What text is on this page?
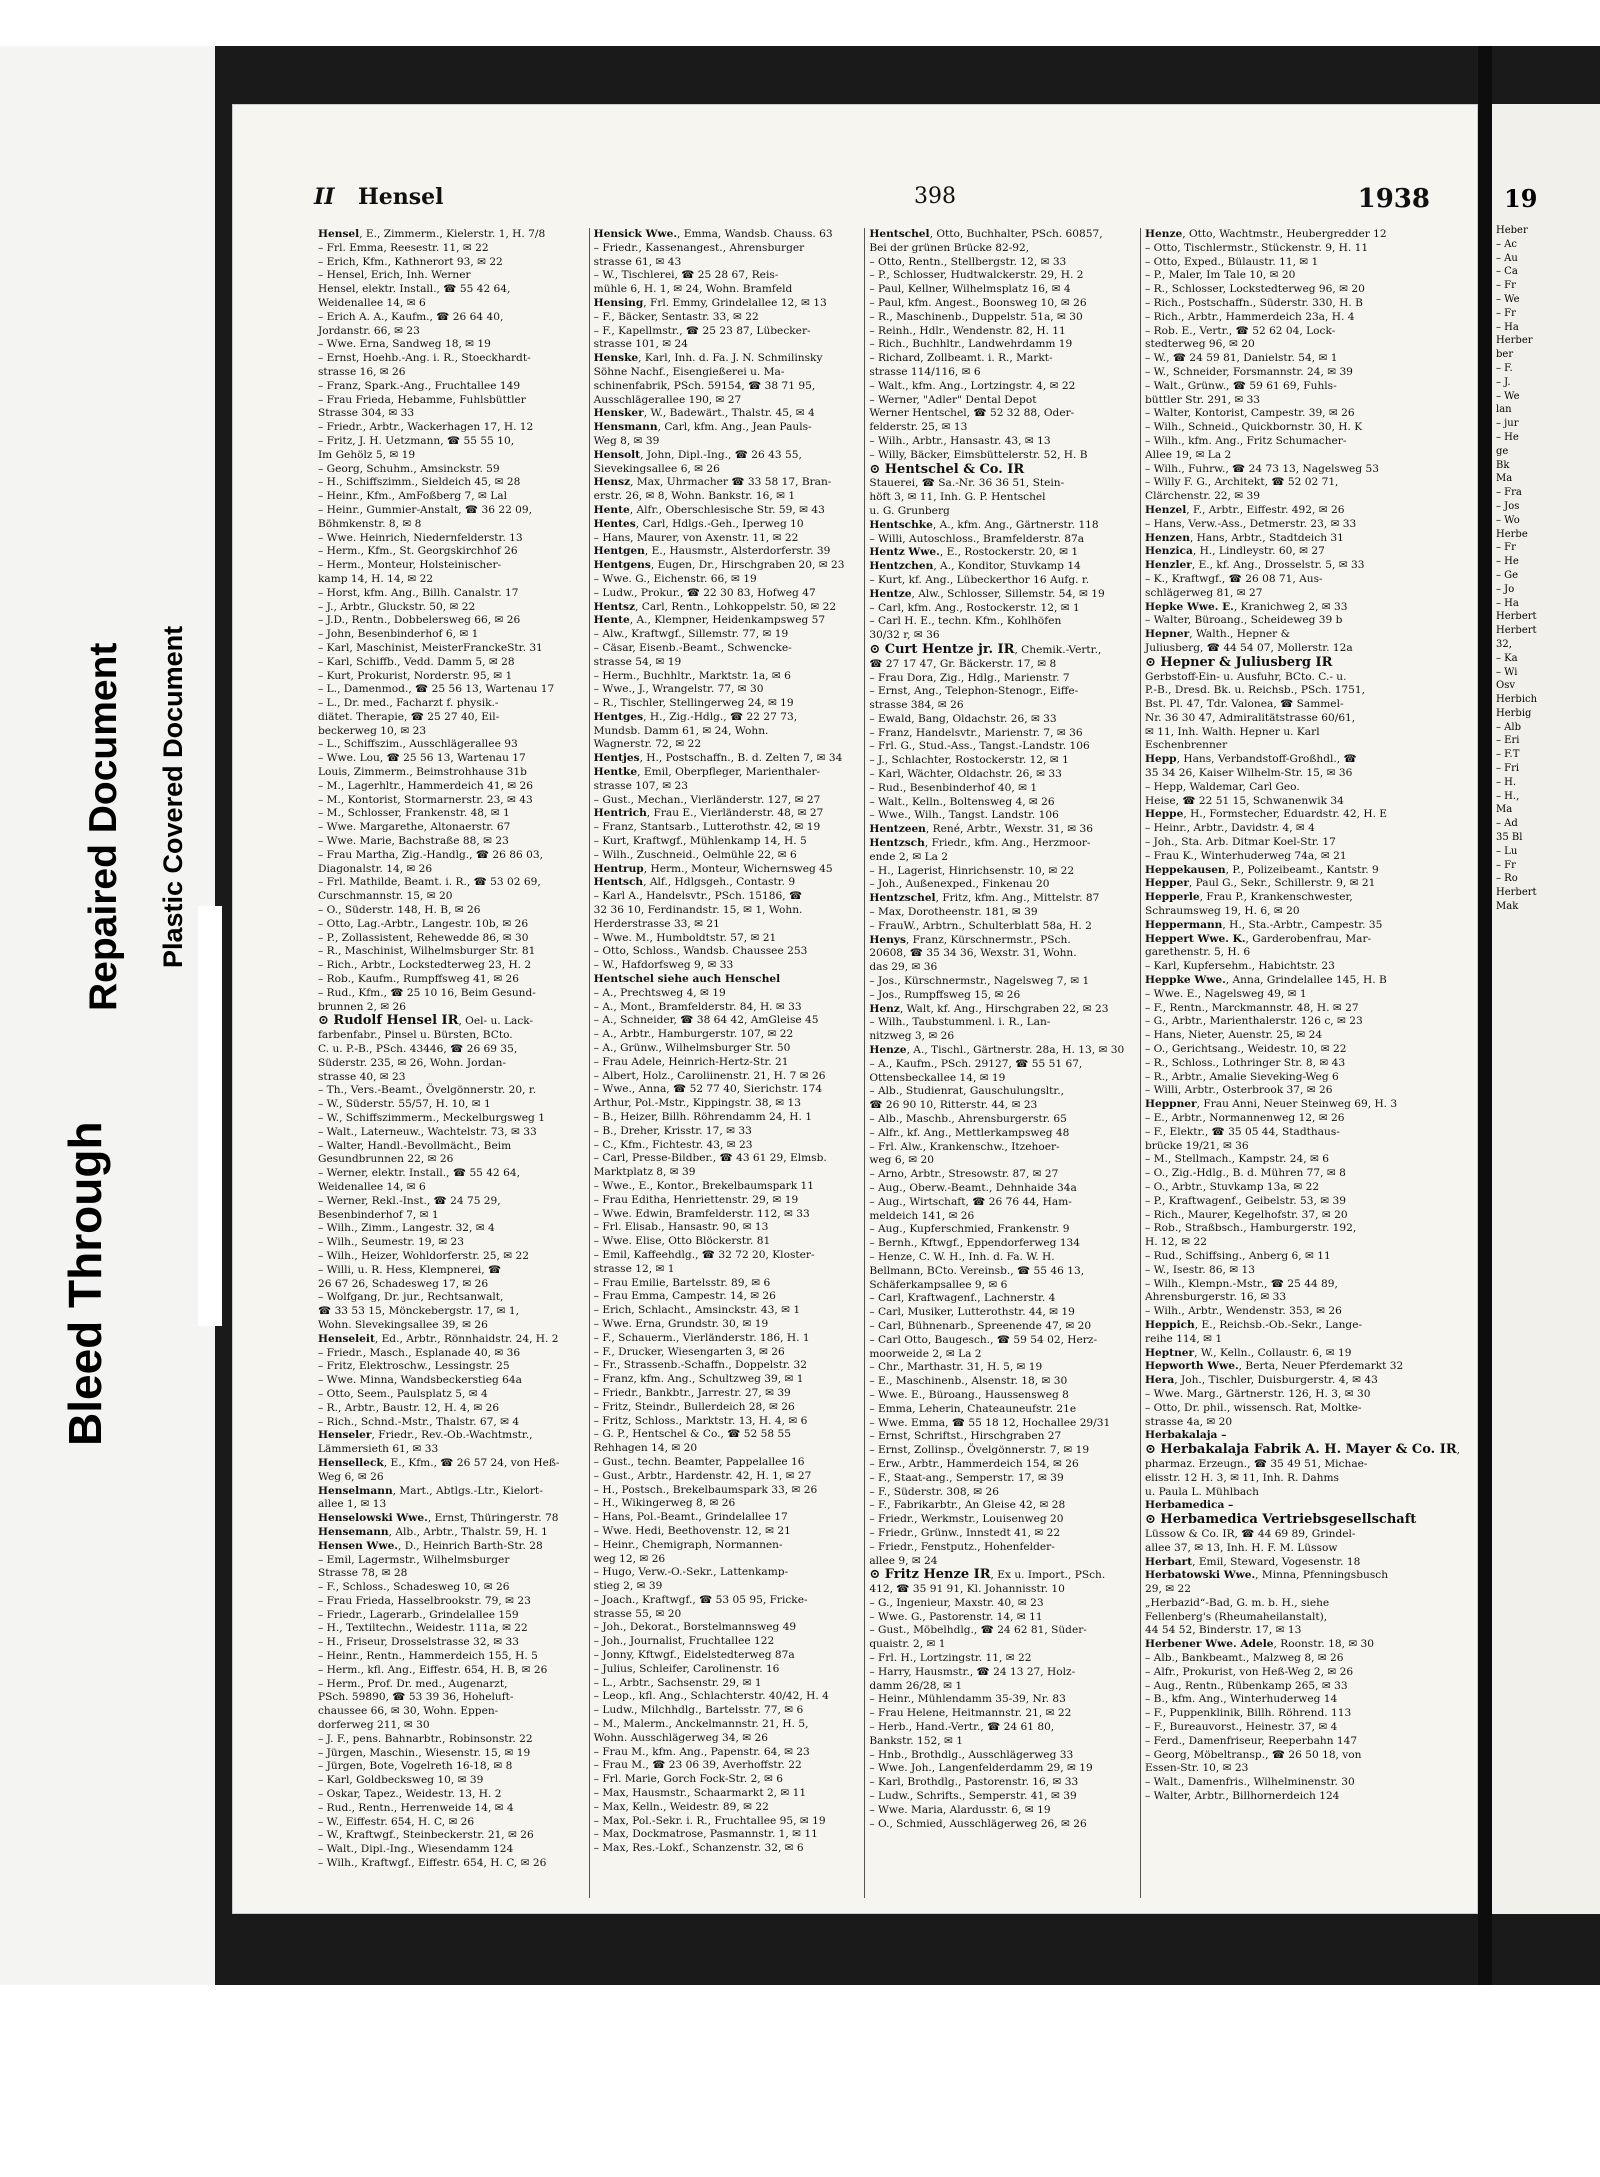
Bleed Through
Repaired Document Plastic Covered Document
II Hensel	398	1938
Hensel, E., Zimmerm., Kielerstr. 1, H. 7/8
– Frl. Emma, Reesestr. 11, ✉ 22
– Erich, Kfm., Kathnerort 93, ✉ 22
– Hensel, Erich, Inh. Werner
Hensel, elektr. Install., ☎ 55 42 64,
Weidenallee 14, ✉ 6
– Erich A. A., Kaufm., ☎ 26 64 40,
Jordanstr. 66, ✉ 23
– Wwe. Erna, Sandweg 18, ✉ 19
– Ernst, Hoehb.-Ang. i. R., Stoeckhardt-
strasse 16, ✉ 26
– Franz, Spark.-Ang., Fruchtallee 149
– Frau Frieda, Hebamme, Fuhlsbüttler
Strasse 304, ✉ 33
– Friedr., Arbtr., Wackerhagen 17, H. 12
– Fritz, J. H. Uetzmann, ☎ 55 55 10,
Im Gehölz 5, ✉ 19
– Georg, Schuhm., Amsinckstr. 59
– H., Schiffszimm., Sieldeich 45, ✉ 28
– Heinr., Kfm., AmFoßberg 7, ✉ Lal
– Heinr., Gummier-Anstalt, ☎ 36 22 09,
Böhmkenstr. 8, ✉ 8
– Wwe. Heinrich, Niedernfelderstr. 13
– Herm., Kfm., St. Georgskirchhof 26
– Herm., Monteur, Holsteinischer-
kamp 14, H. 14, ✉ 22
– Horst, kfm. Ang., Billh. Canalstr. 17
– J., Arbtr., Gluckstr. 50, ✉ 22
– J.D., Rentn., Dobbelersweg 66, ✉ 26
– John, Besenbinderhof 6, ✉ 1
– Karl, Maschinist, MeisterFranckeStr. 31
– Karl, Schiffb., Vedd. Damm 5, ✉ 28
– Kurt, Prokurist, Norderstr. 95, ✉ 1
– L., Damenmod., ☎ 25 56 13, Wartenau 17
– L., Dr. med., Facharzt f. physik.-
diätet. Therapie, ☎ 25 27 40, Eil-
beckerweg 10, ✉ 23
– L., Schiffszim., Ausschlägerallee 93
– Wwe. Lou, ☎ 25 56 13, Wartenau 17
Louis, Zimmerm., Beimstrohhause 31b
– M., Lagerhltr., Hammerdeich 41, ✉ 26
– M., Kontorist, Stormarnerstr. 23, ✉ 43
– M., Schlosser, Frankenstr. 48, ✉ 1
– Wwe. Margarethe, Altonaerstr. 67
– Wwe. Marie, Bachstraße 88, ✉ 23
– Frau Martha, Zig.-Handlg., ☎ 26 86 03,
Diagonalstr. 14, ✉ 26
– Frl. Mathilde, Beamt. i. R., ☎ 53 02 69,
Curschmannstr. 15, ✉ 20
– O., Süderstr. 148, H. B, ✉ 26
– Otto, Lag.-Arbtr., Langestr. 10b, ✉ 26
– P., Zollassistent, Rehewedde 86, ✉ 30
– R., Maschinist, Wilhelmsburger Str. 81
– Rich., Arbtr., Lockstedterweg 23, H. 2
– Rob., Kaufm., Rumpffsweg 41, ✉ 26
– Rud., Kfm., ☎ 25 10 16, Beim Gesund-
brunnen 2, ✉ 26
⊙ Rudolf Hensel IR, Oel- u. Lack-
farbenfabr., Pinsel u. Bürsten, BCto.
C. u. P.-B., PSch. 43446, ☎ 26 69 35,
Süderstr. 235, ✉ 26, Wohn. Jordan-
strasse 40, ✉ 23
– Th., Vers.-Beamt., Övelgönnerstr. 20, r.
– W., Süderstr. 55/57, H. 10, ✉ 1
– W., Schiffszimmerm., Meckelburgsweg 1
– Walt., Laterneuw., Wachtelstr. 73, ✉ 33
– Walter, Handl.-Bevollmächt., Beim
Gesundbrunnen 22, ✉ 26
– Werner, elektr. Install., ☎ 55 42 64,
Weidenallee 14, ✉ 6
– Werner, Rekl.-Inst., ☎ 24 75 29,
Besenbinderhof 7, ✉ 1
– Wilh., Zimm., Langestr. 32, ✉ 4
– Wilh., Seumestr. 19, ✉ 23
– Wilh., Heizer, Wohldorferstr. 25, ✉ 22
– Willi, u. R. Hess, Klempnerei, ☎
26 67 26, Schadesweg 17, ✉ 26
– Wolfgang, Dr. jur., Rechtsanwalt,
☎ 33 53 15, Mönckebergstr. 17, ✉ 1,
Wohn. Slevekingsallee 39, ✉ 26
Henseleit, Ed., Arbtr., Rönnhaidstr. 24, H. 2
– Friedr., Masch., Esplanade 40, ✉ 36
– Fritz, Elektroschw., Lessingstr. 25
– Wwe. Minna, Wandsbeckerstieg 64a
– Otto, Seem., Paulsplatz 5, ✉ 4
– R., Arbtr., Baustr. 12, H. 4, ✉ 26
– Rich., Schnd.-Mstr., Thalstr. 67, ✉ 4
Henseler, Friedr., Rev.-Ob.-Wachtmstr.,
Lämmersieth 61, ✉ 33
Henselleck, E., Kfm., ☎ 26 57 24, von Heß-
Weg 6, ✉ 26
Henselmann, Mart., Abtlgs.-Ltr., Kielort-
allee 1, ✉ 13
Henselowski Wwe., Ernst, Thüringerstr. 78
Hensemann, Alb., Arbtr., Thalstr. 59, H. 1
Hensen Wwe., D., Heinrich Barth-Str. 28
– Emil, Lagermstr., Wilhelmsburger
Strasse 78, ✉ 28
– F., Schloss., Schadesweg 10, ✉ 26
– Frau Frieda, Hasselbrookstr. 79, ✉ 23
– Friedr., Lagerarb., Grindelallee 159
– H., Textiltechn., Weidestr. 111a, ✉ 22
– H., Friseur, Drosselstrasse 32, ✉ 33
– Heinr., Rentn., Hammerdeich 155, H. 5
– Herm., kfl. Ang., Eiffestr. 654, H. B, ✉ 26
– Herm., Prof. Dr. med., Augenarzt,
PSch. 59890, ☎ 53 39 36, Hoheluft-
chaussee 66, ✉ 30, Wohn. Eppen-
dorferweg 211, ✉ 30
– J. F., pens. Bahnarbtr., Robinsonstr. 22
– Jürgen, Maschin., Wiesenstr. 15, ✉ 19
– Jürgen, Bote, Vogelreth 16-18, ✉ 8
– Karl, Goldbecksweg 10, ✉ 39
– Oskar, Tapez., Weidestr. 13, H. 2
– Rud., Rentn., Herrenweide 14, ✉ 4
– W., Eiffestr. 654, H. C, ✉ 26
– W., Kraftwgf., Steinbeckerstr. 21, ✉ 26
– Walt., Dipl.-Ing., Wiesendamm 124
– Wilh., Kraftwgf., Eiffestr. 654, H. C, ✉ 26
Hensick Wwe., Emma, Wandsb. Chauss. 63
– Friedr., Kassenangest., Ahrensburger
strasse 61, ✉ 43
– W., Tischlerei, ☎ 25 28 67, Reis-
mühle 6, H. 1, ✉ 24, Wohn. Bramfeld
Hensing, Frl. Emmy, Grindelallee 12, ✉ 13
– F., Bäcker, Sentastr. 33, ✉ 22
– F., Kapellmstr., ☎ 25 23 87, Lübecker-
strasse 101, ✉ 24
Henske, Karl, Inh. d. Fa. J. N. Schmilinsky
Söhne Nachf., Eisengießerei u. Ma-
schinenfabrik, PSch. 59154, ☎ 38 71 95,
Ausschlägerallee 190, ✉ 27
Hensker, W., Badewärt., Thalstr. 45, ✉ 4
Hensmann, Carl, kfm. Ang., Jean Pauls-
Weg 8, ✉ 39
Hensolt, John, Dipl.-Ing., ☎ 26 43 55,
Sievekingsallee 6, ✉ 26
Hensz, Max, Uhrmacher ☎ 33 58 17, Bran-
erstr. 26, ✉ 8, Wohn. Bankstr. 16, ✉ 1
Hente, Alfr., Oberschlesische Str. 59, ✉ 43
Hentes, Carl, Hdlgs.-Geh., Iperweg 10
– Hans, Maurer, von Axenstr. 11, ✉ 22
Hentgen, E., Hausmstr., Alsterdorferstr. 39
Hentgens, Eugen, Dr., Hirschgraben 20, ✉ 23
– Wwe. G., Eichenstr. 66, ✉ 19
– Ludw., Prokur., ☎ 22 30 83, Hofweg 47
Hentsz, Carl, Rentn., Lohkoppelstr. 50, ✉ 22
Hente, A., Klempner, Heidenkampsweg 57
– Alw., Kraftwgf., Sillemstr. 77, ✉ 19
– Cäsar, Eisenb.-Beamt., Schwencke-
strasse 54, ✉ 19
– Herm., Buchhltr., Marktstr. 1a, ✉ 6
– Wwe., J., Wrangelstr. 77, ✉ 30
– R., Tischler, Stellingerweg 24, ✉ 19
Hentges, H., Zig.-Hdlg., ☎ 22 27 73,
Mundsb. Damm 61, ✉ 24, Wohn.
Wagnerstr. 72, ✉ 22
Hentjes, H., Postschaffn., B. d. Zelten 7, ✉ 34
Hentke, Emil, Oberpfleger, Marienthaler-
strasse 107, ✉ 23
– Gust., Mechan., Vierländerstr. 127, ✉ 27
Hentrich, Frau E., Vierländerstr. 48, ✉ 27
– Franz, Stantsarb., Lutterothstr. 42, ✉ 19
– Kurt, Kraftwgf., Mühlenkamp 14, H. 5
– Wilh., Zuschneid., Oelmühle 22, ✉ 6
Hentrup, Herm., Monteur, Wichernsweg 45
Hentsch, Alf., Hdlgsgeh., Contastr. 9
– Karl A., Handelsvtr., PSch. 15186, ☎
32 36 10, Ferdinandstr. 15, ✉ 1, Wohn.
Herderstrasse 33, ✉ 21
– Wwe. M., Humboldtstr. 57, ✉ 21
– Otto, Schloss., Wandsb. Chaussee 253
– W., Hafdorfsweg 9, ✉ 33
Hentschel siehe auch Henschel
– A., Prechtsweg 4, ✉ 19
– A., Mont., Bramfelderstr. 84, H. ✉ 33
– A., Schneider, ☎ 38 64 42, AmGleise 45
– A., Arbtr., Hamburgerstr. 107, ✉ 22
– A., Grünw., Wilhelmsburger Str. 50
– Frau Adele, Heinrich-Hertz-Str. 21
– Albert, Holz., Caroliinenstr. 21, H. 7 ✉ 26
– Wwe., Anna, ☎ 52 77 40, Sierichstr. 174
Arthur, Pol.-Mstr., Kippingstr. 38, ✉ 13
– B., Heizer, Billh. Röhrendamm 24, H. 1
– B., Dreher, Krisstr. 17, ✉ 33
– C., Kfm., Fichtestr. 43, ✉ 23
– Carl, Presse-Bildber., ☎ 43 61 29, Elmsb.
Marktplatz 8, ✉ 39
– Wwe., E., Kontor., Brekelbaumspark 11
– Frau Editha, Henriettenstr. 29, ✉ 19
– Wwe. Edwin, Bramfelderstr. 112, ✉ 33
– Frl. Elisab., Hansastr. 90, ✉ 13
– Wwe. Elise, Otto Blöckerstr. 81
– Emil, Kaffeehdlg., ☎ 32 72 20, Kloster-
strasse 12, ✉ 1
– Frau Emilie, Bartelsstr. 89, ✉ 6
– Frau Emma, Campestr. 14, ✉ 26
– Erich, Schlacht., Amsinckstr. 43, ✉ 1
– Wwe. Erna, Grundstr. 30, ✉ 19
– F., Schauerm., Vierländerstr. 186, H. 1
– F., Drucker, Wiesengarten 3, ✉ 26
– Fr., Strassenb.-Schaffn., Doppelstr. 32
– Franz, kfm. Ang., Schultzweg 39, ✉ 1
– Friedr., Bankbtr., Jarrestr. 27, ✉ 39
– Fritz, Steindr., Bullerdeich 28, ✉ 26
– Fritz, Schloss., Marktstr. 13, H. 4, ✉ 6
– G. P., Hentschel & Co., ☎ 52 58 55
Rehhagen 14, ✉ 20
– Gust., techn. Beamter, Pappelallee 16
– Gust., Arbtr., Hardenstr. 42, H. 1, ✉ 27
– H., Postsch., Brekelbaumspark 33, ✉ 26
– H., Wikingerweg 8, ✉ 26
– Hans, Pol.-Beamt., Grindelallee 17
– Wwe. Hedi, Beethovenstr. 12, ✉ 21
– Heinr., Chemigraph, Normannen-
weg 12, ✉ 26
– Hugo, Verw.-O.-Sekr., Lattenkamp-
stieg 2, ✉ 39
– Joach., Kraftwgf., ☎ 53 05 95, Fricke-
strasse 55, ✉ 20
– Joh., Dekorat., Borstelmannsweg 49
– Joh., Journalist, Fruchtallee 122
– Jonny, Kftwgf., Eidelstedterweg 87a
– Julius, Schleifer, Carolinenstr. 16
– L., Arbtr., Sachsenstr. 29, ✉ 1
– Leop., kfl. Ang., Schlachterstr. 40/42, H. 4
– Ludw., Milchhdlg., Bartelsstr. 77, ✉ 6
– M., Malerm., Anckelmannstr. 21, H. 5,
Wohn. Ausschlägerweg 34, ✉ 26
– Frau M., kfm. Ang., Papenstr. 64, ✉ 23
– Frau M., ☎ 23 06 39, Averhoffstr. 22
– Frl. Marie, Gorch Fock-Str. 2, ✉ 6
– Max, Hausmstr., Schaarmarkt 2, ✉ 11
– Max, Kelln., Weidestr. 89, ✉ 22
– Max, Pol.-Sekr. i. R., Fruchtallee 95, ✉ 19
– Max, Dockmatrose, Pasmannstr. 1, ✉ 11
– Max, Res.-Lokf., Schanzenstr. 32, ✉ 6
Hentschel, Otto, Buchhalter, PSch. 60857,
Bei der grünen Brücke 82-92,
– Otto, Rentn., Stellbergstr. 12, ✉ 33
– P., Schlosser, Hudtwalckerstr. 29, H. 2
– Paul, Kellner, Wilhelmsplatz 16, ✉ 4
– Paul, kfm. Angest., Boonsweg 10, ✉ 26
– R., Maschinenb., Duppelstr. 51a, ✉ 30
– Reinh., Hdlr., Wendenstr. 82, H. 11
– Rich., Buchhltr., Landwehrdamm 19
– Richard, Zollbeamt. i. R., Markt-
strasse 114/116, ✉ 6
– Walt., kfm. Ang., Lortzingstr. 4, ✉ 22
– Werner, "Adler" Dental Depot
Werner Hentschel, ☎ 52 32 88, Oder-
felderstr. 25, ✉ 13
– Wilh., Arbtr., Hansastr. 43, ✉ 13
– Willy, Bäcker, Eimsbüttelerstr. 52, H. B
⊙ Hentschel & Co. IR
Stauerei, ☎ Sa.-Nr. 36 36 51, Stein-
höft 3, ✉ 11, Inh. G. P. Hentschel
u. G. Grunberg
Hentschke, A., kfm. Ang., Gärtnerstr. 118
– Willi, Autoschloss., Bramfelderstr. 87a
Hentz Wwe., E., Rostockerstr. 20, ✉ 1
Hentzchen, A., Konditor, Stuvkamp 14
– Kurt, kf. Ang., Lübeckerthor 16 Aufg. r.
Hentze, Alw., Schlosser, Sillemstr. 54, ✉ 19
– Carl, kfm. Ang., Rostockerstr. 12, ✉ 1
– Carl H. E., techn. Kfm., Kohlhöfen
30/32 r, ✉ 36
⊙ Curt Hentze jr. IR, Chemik.-Vertr.,
☎ 27 17 47, Gr. Bäckerstr. 17, ✉ 8
– Frau Dora, Zig., Hdlg., Marienstr. 7
– Ernst, Ang., Telephon-Stenogr., Eiffe-
strasse 384, ✉ 26
– Ewald, Bang, Oldachstr. 26, ✉ 33
– Franz, Handelsvtr., Marienstr. 7, ✉ 36
– Frl. G., Stud.-Ass., Tangst.-Landstr. 106
– J., Schlachter, Rostockerstr. 12, ✉ 1
– Karl, Wächter, Oldachstr. 26, ✉ 33
– Rud., Besenbinderhof 40, ✉ 1
– Walt., Kelln., Boltensweg 4, ✉ 26
– Wwe., Wilh., Tangst. Landstr. 106
Hentzeen, René, Arbtr., Wexstr. 31, ✉ 36
Hentzsch, Friedr., kfm. Ang., Herzmoor-
ende 2, ✉ La 2
– H., Lagerist, Hinrichsenstr. 10, ✉ 22
– Joh., Außenexped., Finkenau 20
Hentzschel, Fritz, kfm. Ang., Mittelstr. 87
– Max, Dorotheenstr. 181, ✉ 39
– FrauW., Arbtrn., Schulterblatt 58a, H. 2
Henys, Franz, Kürschnermstr., PSch.
20608, ☎ 35 34 36, Wexstr. 31, Wohn.
das 29, ✉ 36
– Jos., Kürschnermstr., Nagelsweg 7, ✉ 1
– Jos., Rumpffsweg 15, ✉ 26
Henz, Walt, kf. Ang., Hirschgraben 22, ✉ 23
– Wilh., Taubstummenl. i. R., Lan-
nitzweg 3, ✉ 26
Henze, A., Tischl., Gärtnerstr. 28a, H. 13, ✉ 30
– A., Kaufm., PSch. 29127, ☎ 55 51 67,
Ottensbeckallee 14, ✉ 19
– Alb., Studienrat, Gauschulungsltr.,
☎ 26 90 10, Ritterstr. 44, ✉ 23
– Alb., Maschb., Ahrensburgerstr. 65
– Alfr., kf. Ang., Mettlerkampsweg 48
– Frl. Alw., Krankenschw., Itzehoer-
weg 6, ✉ 20
– Arno, Arbtr., Stresowstr. 87, ✉ 27
– Aug., Oberw.-Beamt., Dehnhaide 34a
– Aug., Wirtschaft, ☎ 26 76 44, Ham-
meldeich 141, ✉ 26
– Aug., Kupferschmied, Frankenstr. 9
– Bernh., Kftwgf., Eppendorferweg 134
– Henze, C. W. H., Inh. d. Fa. W. H.
Bellmann, BCto. Vereinsb., ☎ 55 46 13,
Schäferkampsallee 9, ✉ 6
– Carl, Kraftwagenf., Lachnerstr. 4
– Carl, Musiker, Lutterothstr. 44, ✉ 19
– Carl, Bühnenarb., Spreenende 47, ✉ 20
– Carl Otto, Baugesch., ☎ 59 54 02, Herz-
moorweide 2, ✉ La 2
– Chr., Marthastr. 31, H. 5, ✉ 19
– E., Maschinenb., Alsenstr. 18, ✉ 30
– Wwe. E., Büroang., Haussensweg 8
– Emma, Leherin, Chateauneufstr. 21e
– Wwe. Emma, ☎ 55 18 12, Hochallee 29/31
– Ernst, Schriftst., Hirschgraben 27
– Ernst, Zollinsp., Övelgönnerstr. 7, ✉ 19
– Erw., Arbtr., Hammerdeich 154, ✉ 26
– F., Staat-ang., Semperstr. 17, ✉ 39
– F., Süderstr. 308, ✉ 26
– F., Fabrikarbtr., An Gleise 42, ✉ 28
– Friedr., Werkmstr., Louisenweg 20
– Friedr., Grünw., Innstedt 41, ✉ 22
– Friedr., Fenstputz., Hohenfelder-
allee 9, ✉ 24
⊙ Fritz Henze IR, Ex u. Import., PSch.
412, ☎ 35 91 91, Kl. Johannisstr. 10
– G., Ingenieur, Maxstr. 40, ✉ 23
– Wwe. G., Pastorenstr. 14, ✉ 11
– Gust., Möbelhdlg., ☎ 24 62 81, Süder-
quaistr. 2, ✉ 1
– Frl. H., Lortzingstr. 11, ✉ 22
– Harry, Hausmstr., ☎ 24 13 27, Holz-
damm 26/28, ✉ 1
– Heinr., Mühlendamm 35-39, Nr. 83
– Frau Helene, Heitmannstr. 21, ✉ 22
– Herb., Hand.-Vertr., ☎ 24 61 80,
Bankstr. 152, ✉ 1
– Hnb., Brothdlg., Ausschlägerweg 33
– Wwe. Joh., Langenfelderdamm 29, ✉ 19
– Karl, Brothdlg., Pastorenstr. 16, ✉ 33
– Ludw., Schrifts., Semperstr. 41, ✉ 39
– Wwe. Maria, Alardusstr. 6, ✉ 19
– O., Schmied, Ausschlägerweg 26, ✉ 26
Henze, Otto, Wachtmstr., Heubergredder 12
– Otto, Tischlermstr., Stückenstr. 9, H. 11
– Otto, Exped., Bülaustr. 11, ✉ 1
– P., Maler, Im Tale 10, ✉ 20
– R., Schlosser, Lockstedterweg 96, ✉ 20
– Rich., Postschaffn., Süderstr. 330, H. B
– Rich., Arbtr., Hammerdeich 23a, H. 4
– Rob. E., Vertr., ☎ 52 62 04, Lock-
stedterweg 96, ✉ 20
– W., ☎ 24 59 81, Danielstr. 54, ✉ 1
– W., Schneider, Forsmannstr. 24, ✉ 39
– Walt., Grünw., ☎ 59 61 69, Fuhls-
büttler Str. 291, ✉ 33
– Walter, Kontorist, Campestr. 39, ✉ 26
– Wilh., Schneid., Quickbornstr. 30, H. K
– Wilh., kfm. Ang., Fritz Schumacher-
Allee 19, ✉ La 2
– Wilh., Fuhrw., ☎ 24 73 13, Nagelsweg 53
– Willy F. G., Architekt, ☎ 52 02 71,
Clärchenstr. 22, ✉ 39
Henzel, F., Arbtr., Eiffestr. 492, ✉ 26
– Hans, Verw.-Ass., Detmerstr. 23, ✉ 33
Henzen, Hans, Arbtr., Stadtdeich 31
Henzica, H., Lindleystr. 60, ✉ 27
Henzler, E., kf. Ang., Drosselstr. 5, ✉ 33
– K., Kraftwgf., ☎ 26 08 71, Aus-
schlägerweg 81, ✉ 27
Hepke Wwe. E., Kranichweg 2, ✉ 33
– Walter, Büroang., Scheideweg 39 b
Hepner, Walth., Hepner &
Juliusberg, ☎ 44 54 07, Mollerstr. 12a
⊙ Hepner & Juliusberg IR
Gerbstoff-Ein- u. Ausfuhr, BCto. C.- u.
P.-B., Dresd. Bk. u. Reichsb., PSch. 1751,
Bst. Pl. 47, Tdr. Valonea, ☎ Sammel-
Nr. 36 30 47, Admiralitätstrasse 60/61,
✉ 11, Inh. Walth. Hepner u. Karl
Eschenbrenner
Hepp, Hans, Verbandstoff-Großhdl., ☎
35 34 26, Kaiser Wilhelm-Str. 15, ✉ 36
– Hepp, Waldemar, Carl Geo.
Heise, ☎ 22 51 15, Schwanenwik 34
Heppe, H., Formstecher, Eduardstr. 42, H. E
– Heinr., Arbtr., Davidstr. 4, ✉ 4
– Joh., Sta. Arb. Ditmar Koel-Str. 17
– Frau K., Winterhuderweg 74a, ✉ 21
Heppekausen, P., Polizeibeamt., Kantstr. 9
Hepper, Paul G., Sekr., Schillerstr. 9, ✉ 21
Hepperle, Frau P., Krankenschwester,
Schraumsweg 19, H. 6, ✉ 20
Heppermann, H., Sta.-Arbtr., Campestr. 35
Heppert Wwe. K., Garderobenfrau, Mar-
garethenstr. 5, H. 6
– Karl, Kupfersehm., Habichtstr. 23
Heppke Wwe., Anna, Grindelallee 145, H. B
– Wwe. E., Nagelsweg 49, ✉ 1
– F., Rentn., Marckmannstr. 48, H. ✉ 27
– G., Arbtr., Marienthalerstr. 126 c, ✉ 23
– Hans, Nieter, Auenstr. 25, ✉ 24
– O., Gerichtsang., Weidestr. 10, ✉ 22
– R., Schloss., Lothringer Str. 8, ✉ 43
– R., Arbtr., Amalie Sieveking-Weg 6
– Willi, Arbtr., Osterbrook 37, ✉ 26
Heppner, Frau Anni, Neuer Steinweg 69, H. 3
– E., Arbtr., Normannenweg 12, ✉ 26
– F., Elektr., ☎ 35 05 44, Stadthaus-
brücke 19/21, ✉ 36
– M., Stellmach., Kampstr. 24, ✉ 6
– O., Zig.-Hdlg., B. d. Mühren 77, ✉ 8
– O., Arbtr., Stuvkamp 13a, ✉ 22
– P., Kraftwagenf., Geibelstr. 53, ✉ 39
– Rich., Maurer, Kegelhofstr. 37, ✉ 20
– Rob., Straßbsch., Hamburgerstr. 192,
H. 12, ✉ 22
– Rud., Schiffsing., Anberg 6, ✉ 11
– W., Isestr. 86, ✉ 13
– Wilh., Klempn.-Mstr., ☎ 25 44 89,
Ahrensburgerstr. 16, ✉ 33
– Wilh., Arbtr., Wendenstr. 353, ✉ 26
Heppich, E., Reichsb.-Ob.-Sekr., Lange-
reihe 114, ✉ 1
Heptner, W., Kelln., Collaustr. 6, ✉ 19
Hepworth Wwe., Berta, Neuer Pferdemarkt 32
Hera, Joh., Tischler, Duisburgerstr. 4, ✉ 43
– Wwe. Marg., Gärtnerstr. 126, H. 3, ✉ 30
– Otto, Dr. phil., wissensch. Rat, Moltke-
strasse 4a, ✉ 20
Herbakalaja –
⊙ Herbakalaja Fabrik A. H. Mayer & Co. IR,
pharmaz. Erzeugn., ☎ 35 49 51, Michae-
elisstr. 12 H. 3, ✉ 11, Inh. R. Dahms
u. Paula L. Mühlbach
Herbamedica –
⊙ Herbamedica Vertriebsgesellschaft
Lüssow & Co. IR, ☎ 44 69 89, Grindel-
allee 37, ✉ 13, Inh. H. F. M. Lüssow
Herbart, Emil, Steward, Vogesenstr. 18
Herbatowski Wwe., Minna, Pfenningsbusch
29, ✉ 22
„Herbazid“-Bad, G. m. b. H., siehe
Fellenberg's (Rheumaheilanstalt),
44 54 52, Binderstr. 17, ✉ 13
Herbener Wwe. Adele, Roonstr. 18, ✉ 30
– Alb., Bankbeamt., Malzweg 8, ✉ 26
– Alfr., Prokurist, von Heß-Weg 2, ✉ 26
– Aug., Rentn., Rübenkamp 265, ✉ 33
– B., kfm. Ang., Winterhuderweg 14
– F., Puppenklinik, Billh. Röhrend. 113
– F., Bureauvorst., Heinestr. 37, ✉ 4
– Ferd., Damenfriseur, Reeperbahn 147
– Georg, Möbeltransp., ☎ 26 50 18, von
Essen-Str. 10, ✉ 23
– Walt., Damenfris., Wilhelminenstr. 30
– Walter, Arbtr., Billhornerdeich 124
19
Heber
– Ac
– Au
– Ca
– Fr
– We
– Fr
– Ha
Herber
ber
– F.
– J.
– We
lan
– jur
– He
ge
Bk
Ma
– Fra
– Jos
– Wo
Herbe
– Fr
– He
– Ge
– Jo
– Ha
Herbert
Herbert
32,
– Ka
– Wi
Osv
Herbich
Herbig
– Alb
– Eri
– F.T
– Fri
– H.
– H.,
Ma
– Ad
35 Bl
– Lu
– Fr
– Ro
Herbert
Mak
